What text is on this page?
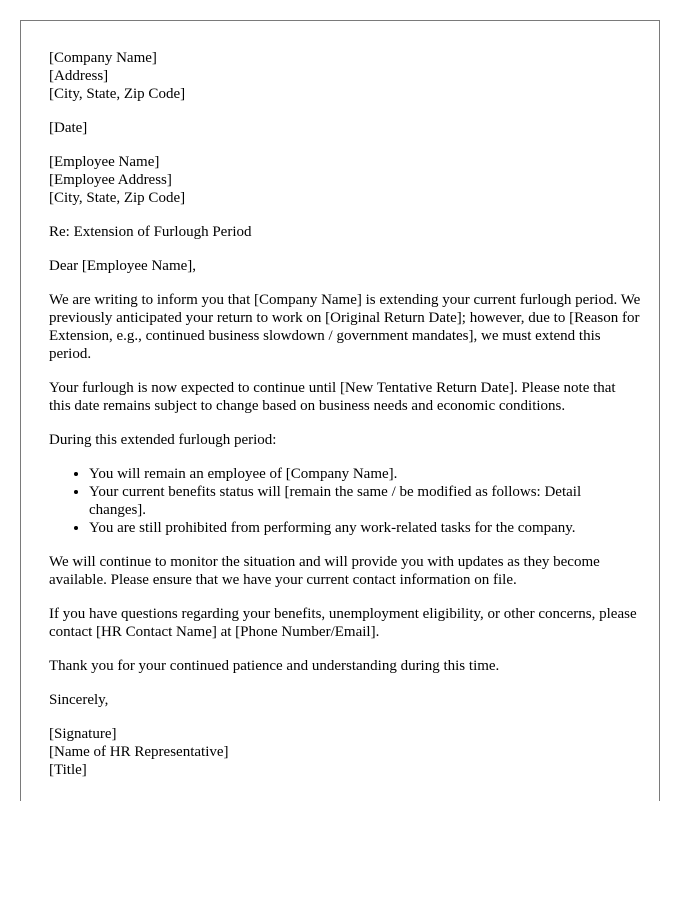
[Company Name]

[Address]

[City, State, Zip Code]

[Date]

[Employee Name]

[Employee Address]

[City, State, Zip Code]

Re: Extension of Furlough Period

Dear [Employee Name],

We are writing to inform you that [Company Name] is extending your current furlough period. We previously anticipated your return to work on [Original Return Date]; however, due to [Reason for Extension, e.g., continued business slowdown / government mandates], we must extend this period.

Your furlough is now expected to continue until [New Tentative Return Date]. Please note that this date remains subject to change based on business needs and economic conditions.

During this extended furlough period:

• You will remain an employee of [Company Name].
• Your current benefits status will [remain the same / be modified as follows: Detail changes].
• You are still prohibited from performing any work-related tasks for the company.

We will continue to monitor the situation and will provide you with updates as they become available. Please ensure that we have your current contact information on file.

If you have questions regarding your benefits, unemployment eligibility, or other concerns, please contact [HR Contact Name] at [Phone Number/Email].

Thank you for your continued patience and understanding during this time.

Sincerely,

[Signature]

[Name of HR Representative]

[Title]
